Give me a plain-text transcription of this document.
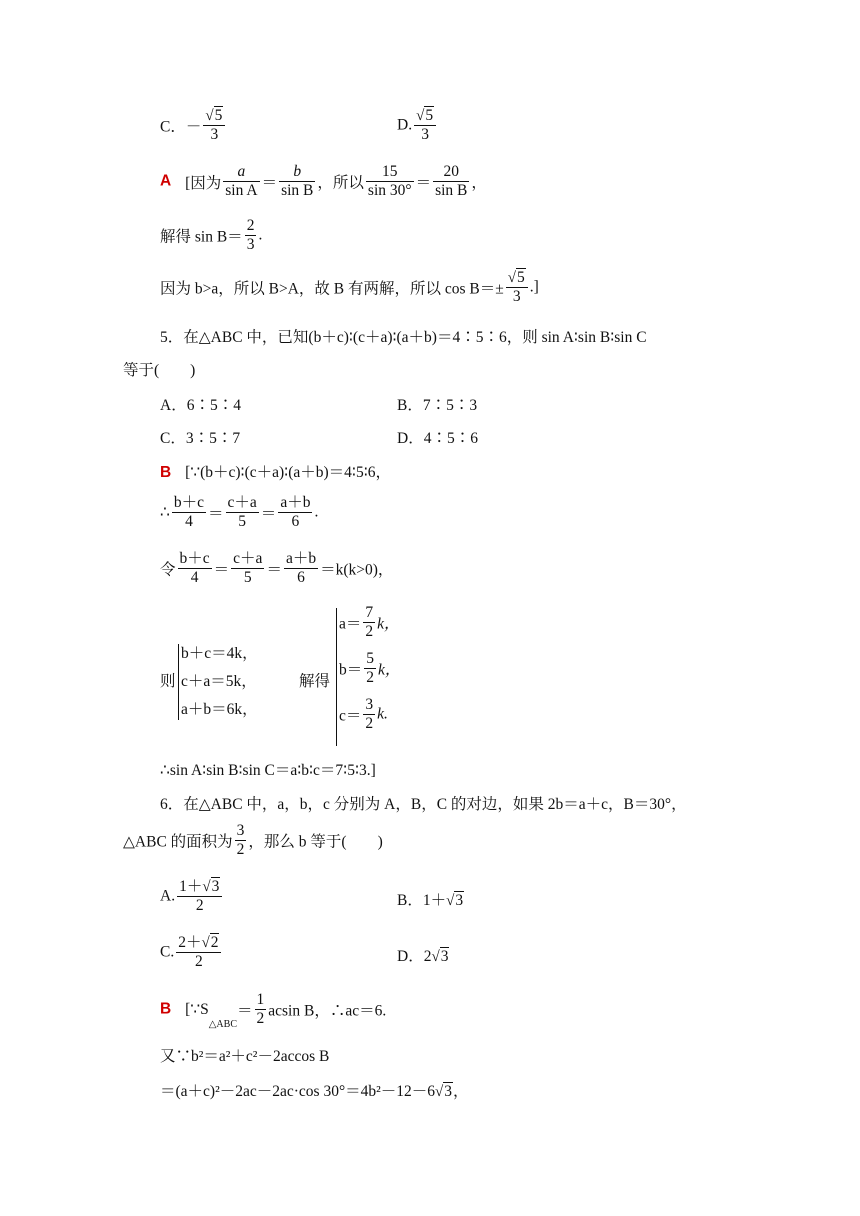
C．－ $\frac{√5}{3}$	D. $\frac{√5}{3}$
A [因为 $\frac{a}{\text{sin A}} = \frac{b}{\text{sin B}}$ ，所以 $\frac{15}{\sin 30^\circ} = \frac{20}{\text{sin B}}$ ，
解得 $\sin B= \frac{2}{3}$ .
因为 b>a，所以 B>A，故 B 有两解，所以 $\cos B=\pm \frac{√5}{3}$ .]
5．在△ABC 中，已知(b＋c)∶(c＋a)∶(a＋b)＝4∶5∶6，则 sin A∶sin B∶sin C
等于(　　)
A．6∶5∶4	B．7∶5∶3
C．3∶5∶7	D．4∶5∶6
B [∵(b＋c)∶(c＋a)∶(a＋b)＝4∶5∶6，
∴ $\frac{b+c}{4} = \frac{c+a}{5} = \frac{a+b}{6}$ .
令 $\frac{b+c}{4} = \frac{c+a}{5} = \frac{a+b}{6} =k(k>0)$，
则
b＋c＝4k，
c＋a＝5k，
a＋b＝6k，
解得
$a= \frac{7}{2}$ k，
$b= \frac{5}{2}$ k，
$c= \frac{3}{2} k$.
∴sin A∶sin B∶sin C＝a∶b∶c＝7∶5∶3.]
6．在△ABC 中，a，b，c 分别为 A，B，C 的对边，如果 2b＝a＋c，B＝30°，
△ABC 的面积为 $\frac{3}{2}$ ，那么 b 等于(　　)
A. $\frac{1+√3}{2}$	B．1＋√3
C. $\frac{2+√2}{2}$	D．2√3
B [$\because S_{\triangle ABC}= \frac{1}{2}$ acsin B，∴ac＝6.
又∵b²＝a²＋c²－2accos B
＝(a＋c)²－2ac－2ac·cos 30°＝4b²－12－6√3，
